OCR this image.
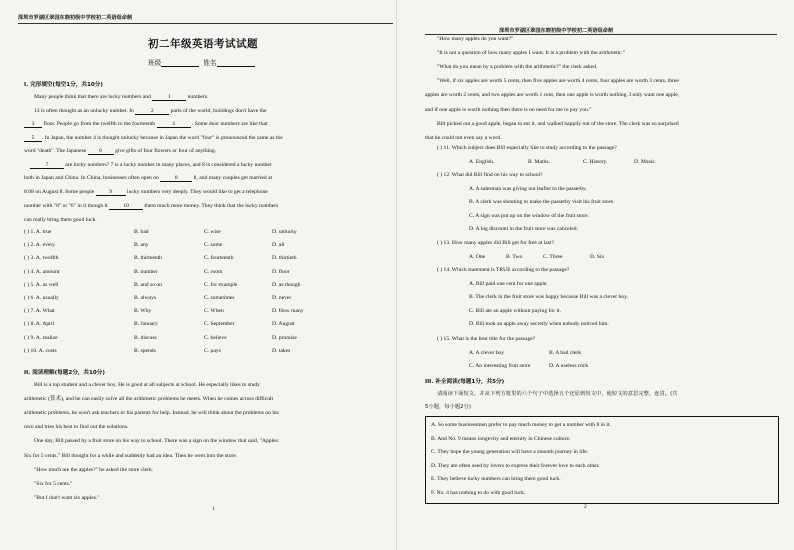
深圳市罗湖区翠园东晓初级中学校初二英语组命制
初二年级英语考试试题
班级	姓名
I. 完形填空(每空1分，共10分)
Many people think that there are lucky numbers and	1	numbers.
13 is often thought as an unlucky number. In	2	parts of the world, buildings don't have the
3 floor. People go from the twelfth to the fourteenth	4	. Some door numbers are like that
5 . In Japan, the number 4 is thought unlucky because in Japan the word "four" is pronounced the same as the
word "death". The Japanese 6 give gifts of four flowers or four of anything.
7	are lucky numbers? 7 is a lucky number in many places, and 8 is considered a lucky number
both in Japan and China. In China, businesses often open on	8	8, and many couples get married at
8:08 on August 8. Some people	9	lucky numbers very deeply. They would like to get a telephone
number with "8" or "6" in it though it	10	them much more money. They think that the lucky numbers
can really bring them good luck.
( ) 1. A. true	B. bad	C. wise	D. unlucky
( ) 2. A. every	B. any	C. some	D. all
( ) 3. A. twelfth	B. thirteenth	C. fourteenth	D. thirtieth
( ) 4. A. amount	B. number	C. room	D. floor
( ) 5. A. as well	B. and so on	C. for example	D. as though
( ) 6. A. usually	B. always	C. sometimes	D. never
( ) 7. A. What	B. Why	C. When	D. How many
( ) 8. A. April	B. January	C. September	D. August
( ) 9. A. realize	B. discuss	C. believe	D. promise
( ) 10. A. costs	B. spends	C. pays	D. takes
II. 阅读理解(每题2分，共10分)
Bill is a top student and a clever boy. He is good at all subjects at school. He especially likes to study
arithmetic (算术), and he can easily solve all the arithmetic problems he meets. When he comes across difficult
arithmetic problems, he won't ask teachers or his parents for help. Instead, he will think about the problems on his
own and tries his best to find out the solutions.
One day, Bill passed by a fruit store on his way to school. There was a sign on the window that said, "Apples:
Six for 5 cents." Bill thought for a while and suddenly had an idea. Then he went into the store.
"How much are the apples?" he asked the store clerk.
"Six for 5 cents."
"But I don't want six apples."
1
深圳市罗湖区翠园东晓初级中学校初二英语组命制
"How many apples do you want?"
"It is not a question of how many apples I want. It is a problem with the arithmetic."
"What do you mean by a problem with the arithmetic?" the clerk asked.
"Well, if six apples are worth 5 cents, then five apples are worth 4 cents, four apples are worth 3 cents, three
apples are worth 2 cents, and two apples are worth 1 cent, then one apple is worth nothing. I only want one apple,
and if one apple is worth nothing then there is no need for me to pay you."
Bill picked out a good apple, began to eat it, and walked happily out of the store. The clerk was so surprised
that he could not even say a word.
( ) 11. Which subject does Bill especially like to study according to the passage?
A. English.	B. Maths.	C. History.	D. Music.
( ) 12. What did Bill find on his way to school?
A. A salesman was giving out leaflet to the passerby.
B. A clerk was shouting to make the passerby visit his fruit store.
C. A sign was put up on the window of the fruit store.
D. A big discount in the fruit store was canceled.
( ) 13. How many apples did Bill get for free at last?
A. One	B. Two	C. Three	D. Six
( ) 14. Which statement is TRUE according to the passage?
A. Bill paid one cent for one apple.
B. The clerk in the fruit store was happy because Bill was a clever boy.
C. Bill ate an apple without paying for it.
D. Bill took an apple away secretly when nobody noticed him.
( ) 15. What is the best title for the passage?
A. A clever boy	B. A bad clerk
C. An interesting fruit store	D. A useless trick
III. 补全阅读(每题1分，共5分)
请阅读下面短文，并从下列方框里的六个句子中选择五个还原到短文中，使短文的意思完整、连贯。(共
5小题，每小题2分)
A. So some businessmen prefer to pay much money to get a number with 8 in it.
B. And No. 9 means longevity and eternity in Chinese culture.
C. They hope the young generation will have a smooth journey in life.
D. They are often used by lovers to express their forever love to each other.
E. They believe lucky numbers can bring them good luck.
F. No. 4 has nothing to do with good luck.
2
